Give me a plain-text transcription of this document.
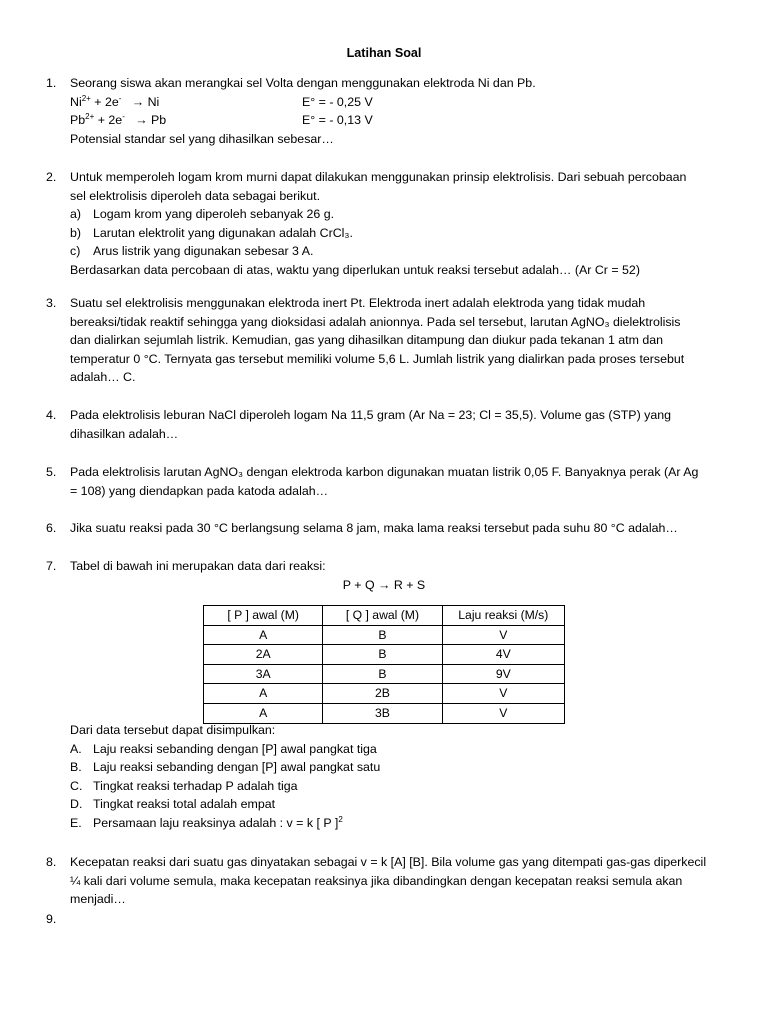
Latihan Soal
1.	Seorang siswa akan merangkai sel Volta dengan menggunakan elektroda Ni dan Pb.
$Ni^{2+} + 2e^- \to Ni$	E° = - 0,25 V
$Pb^{2+} + 2e^- \to Pb$	E° = - 0,13 V
Potensial standar sel yang dihasilkan sebesar…
2.	Untuk memperoleh logam krom murni dapat dilakukan menggunakan prinsip elektrolisis. Dari sebuah percobaan
sel elektrolisis diperoleh data sebagai berikut.
a) Logam krom yang diperoleh sebanyak 26 g.
b) Larutan elektrolit yang digunakan adalah CrCl₃.
c) Arus listrik yang digunakan sebesar 3 A.
Berdasarkan data percobaan di atas, waktu yang diperlukan untuk reaksi tersebut adalah… (Ar Cr = 52)
3.	Suatu sel elektrolisis menggunakan elektroda inert Pt. Elektroda inert adalah elektroda yang tidak mudah
bereaksi/tidak reaktif sehingga yang dioksidasi adalah anionnya. Pada sel tersebut, larutan AgNO₃ dielektrolisis
dan dialirkan sejumlah listrik. Kemudian, gas yang dihasilkan ditampung dan diukur pada tekanan 1 atm dan
temperatur 0 °C. Ternyata gas tersebut memiliki volume 5,6 L. Jumlah listrik yang dialirkan pada proses tersebut
adalah… C.
4.	Pada elektrolisis leburan NaCl diperoleh logam Na 11,5 gram (Ar Na = 23; Cl = 35,5). Volume gas (STP) yang
dihasilkan adalah…
5.	Pada elektrolisis larutan AgNO₃ dengan elektroda karbon digunakan muatan listrik 0,05 F. Banyaknya perak (Ar Ag
= 108) yang diendapkan pada katoda adalah…
6.	Jika suatu reaksi pada 30 °C berlangsung selama 8 jam, maka lama reaksi tersebut pada suhu 80 °C adalah…
7.	Tabel di bawah ini merupakan data dari reaksi:
P + Q → R + S
[ P ] awal (M)	[ Q ] awal (M)	Laju reaksi (M/s)
A	B	V
2A	B	4V
3A	B	9V
A	2B	V
A	3B	V
Dari data tersebut dapat disimpulkan:
A. Laju reaksi sebanding dengan [P] awal pangkat tiga
B. Laju reaksi sebanding dengan [P] awal pangkat satu
C. Tingkat reaksi terhadap P adalah tiga
D. Tingkat reaksi total adalah empat
E. Persamaan laju reaksinya adalah : v = k [ P ]$^2$
8.	Kecepatan reaksi dari suatu gas dinyatakan sebagai v = k [A] [B]. Bila volume gas yang ditempati gas-gas diperkecil
¼ kali dari volume semula, maka kecepatan reaksinya jika dibandingkan dengan kecepatan reaksi semula akan
menjadi…
9.
